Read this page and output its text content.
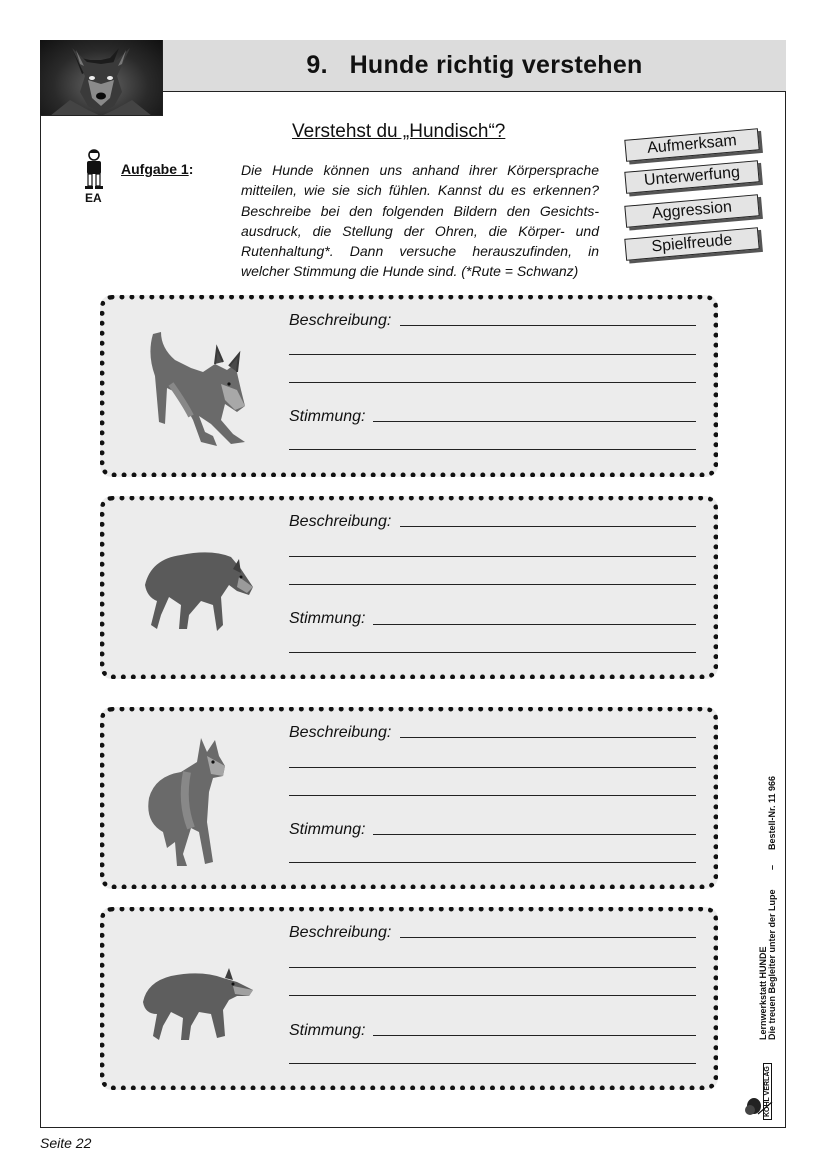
9. Hunde richtig verstehen
Verstehst du „Hundisch“?
EA
Aufgabe 1:	Die Hunde können uns anhand ihrer Körpersprache
mitteilen, wie sie sich fühlen. Kannst du es erkennen?
Beschreibe bei den folgenden Bildern den Gesichts-
ausdruck, die Stellung der Ohren, die Körper- und
Rutenhaltung*. Dann versuche herauszufinden, in
welcher Stimmung die Hunde sind. (*Rute = Schwanz)
Aufmerksam
Unterwerfung
Aggression
Spielfreude
Beschreibung:
Stimmung:
Beschreibung:
Stimmung:
Beschreibung:
Stimmung:
Beschreibung:
Stimmung:	Lernwerkstatt HUNDE Die treuen Begleiter unter der Lupe
–
Bestell-Nr. 11 966
KOHL VERLAG
Seite 22
